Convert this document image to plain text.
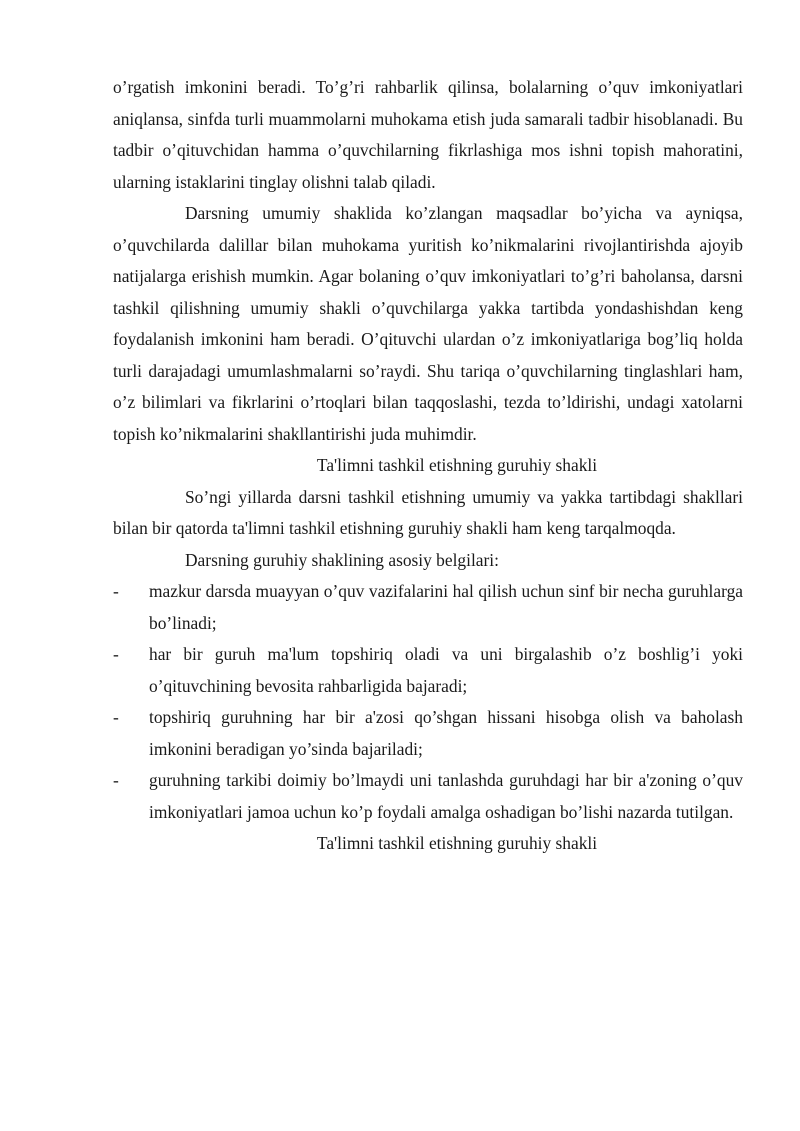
o’rgatish imkonini beradi. To’g’ri rahbarlik qilinsa, bolalarning o’quv imkoniyatlari aniqlansa, sinfda turli muammolarni muhokama etish juda samarali tadbir hisoblanadi. Bu tadbir o’qituvchidan hamma o’quvchilarning fikrlashiga mos ishni topish mahoratini, ularning istaklarini tinglay olishni talab qiladi.

Darsning umumiy shaklida ko’zlangan maqsadlar bo’yicha va ayniqsa, o’quvchilarda dalillar bilan muhokama yuritish ko’nikmalarini rivojlantirishda ajoyib natijalarga erishish mumkin. Agar bolaning o’quv imkoniyatlari to’g’ri baholansa, darsni tashkil qilishning umumiy shakli o’quvchilarga yakka tartibda yondashishdan keng foydalanish imkonini ham beradi. O’qituvchi ulardan o’z imkoniyatlariga bog’liq holda turli darajadagi umumlashmalarni so’raydi. Shu tariqa o’quvchilarning tinglashlari ham, o’z bilimlari va fikrlarini o’rtoqlari bilan taqqoslashi, tezda to’ldirishi, undagi xatolarni topish ko’nikmalarini shakllantirishi juda muhimdir.

Ta'limni tashkil etishning guruhiy shakli

So’ngi yillarda darsni tashkil etishning umumiy va yakka tartibdagi shakllari bilan bir qatorda ta'limni tashkil etishning guruhiy shakli ham keng tarqalmoqda.

Darsning guruhiy shaklining asosiy belgilari:

- mazkur darsda muayyan o’quv vazifalarini hal qilish uchun sinf bir necha guruhlarga bo’linadi;
- har bir guruh ma'lum topshiriq oladi va uni birgalashib o’z boshlig’i yoki o’qituvchining bevosita rahbarligida bajaradi;
- topshiriq guruhning har bir a'zosi qo’shgan hissani hisobga olish va baholash imkonini beradigan yo’sinda bajariladi;
- guruhning tarkibi doimiy bo’lmaydi uni tanlashda guruhdagi har bir a'zoning o’quv imkoniyatlari jamoa uchun ko’p foydali amalga oshadigan bo’lishi nazarda tutilgan.

Ta'limni tashkil etishning guruhiy shakli
